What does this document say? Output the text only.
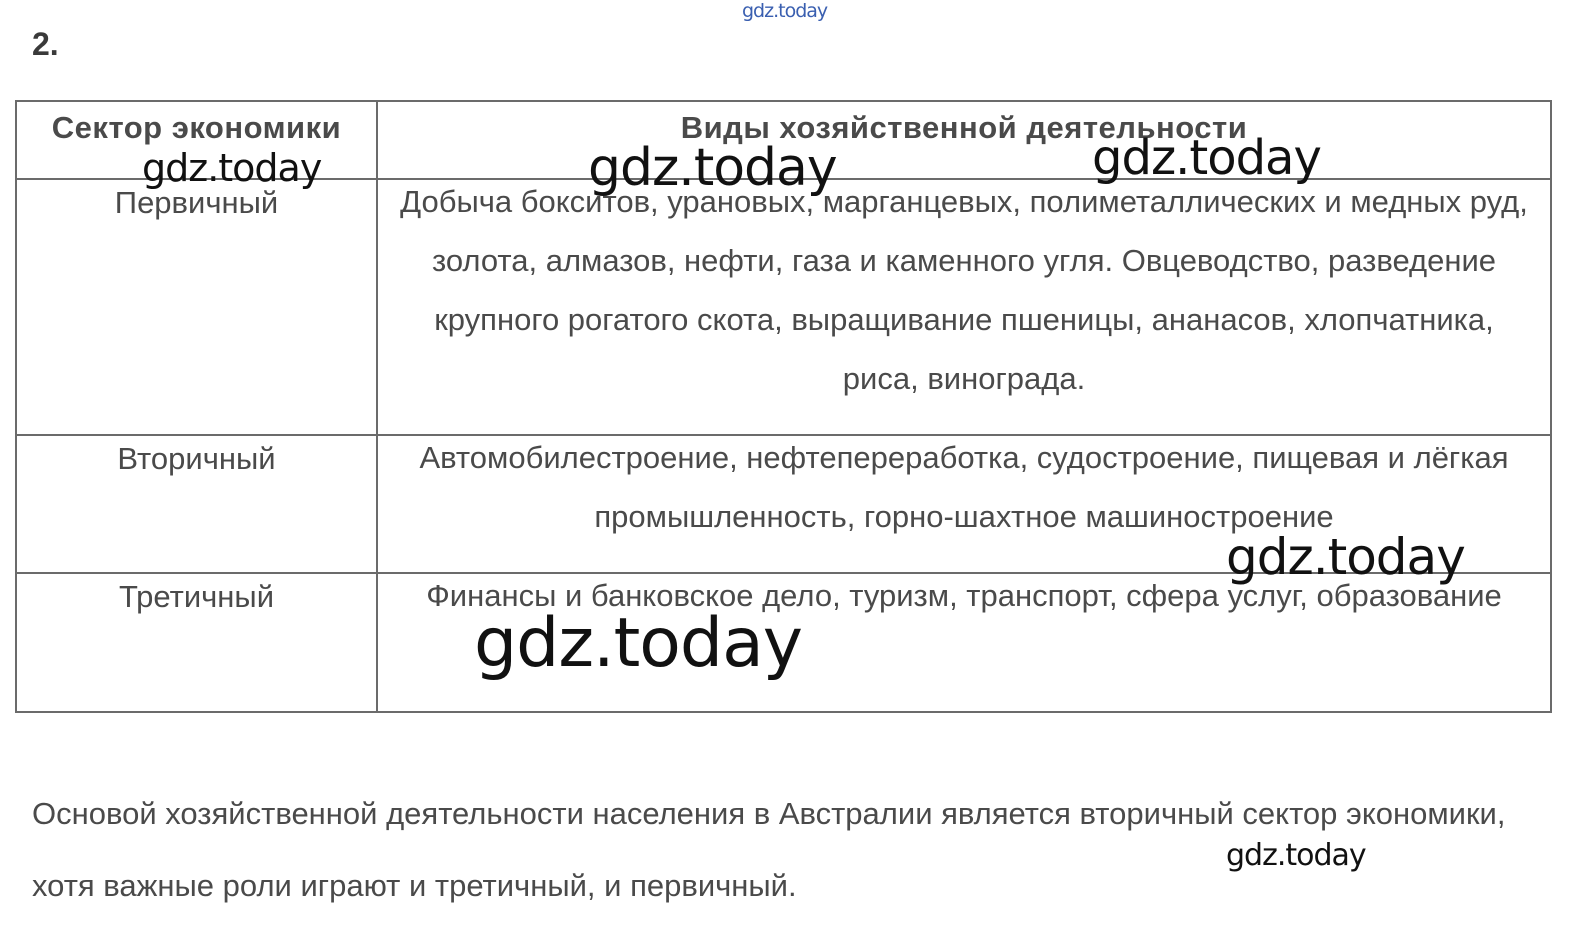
2.
Сектор экономики	Виды хозяйственной деятельности

Первичный	Добыча бокситов, урановых, марганцевых, полиметаллических и медных руд, золота, алмазов, нефти, газа и каменного угля. Овцеводство, разведение крупного рогатого скота, выращивание пшеницы, ананасов, хлопчатника, риса, винограда.

Вторичный	Автомобилестроение, нефтепереработка, судостроение, пищевая и лёгкая промышленность, горно-шахтное машиностроение

Третичный	Финансы и банковское дело, туризм, транспорт, сфера услуг, образование
Основой хозяйственной деятельности населения в Австралии является вторичный сектор экономики, хотя важные роли играют и третичный, и первичный.
gdz.today
gdz.today	gdz.today	gdz.today
gdz.today
gdz.today
gdz.today
